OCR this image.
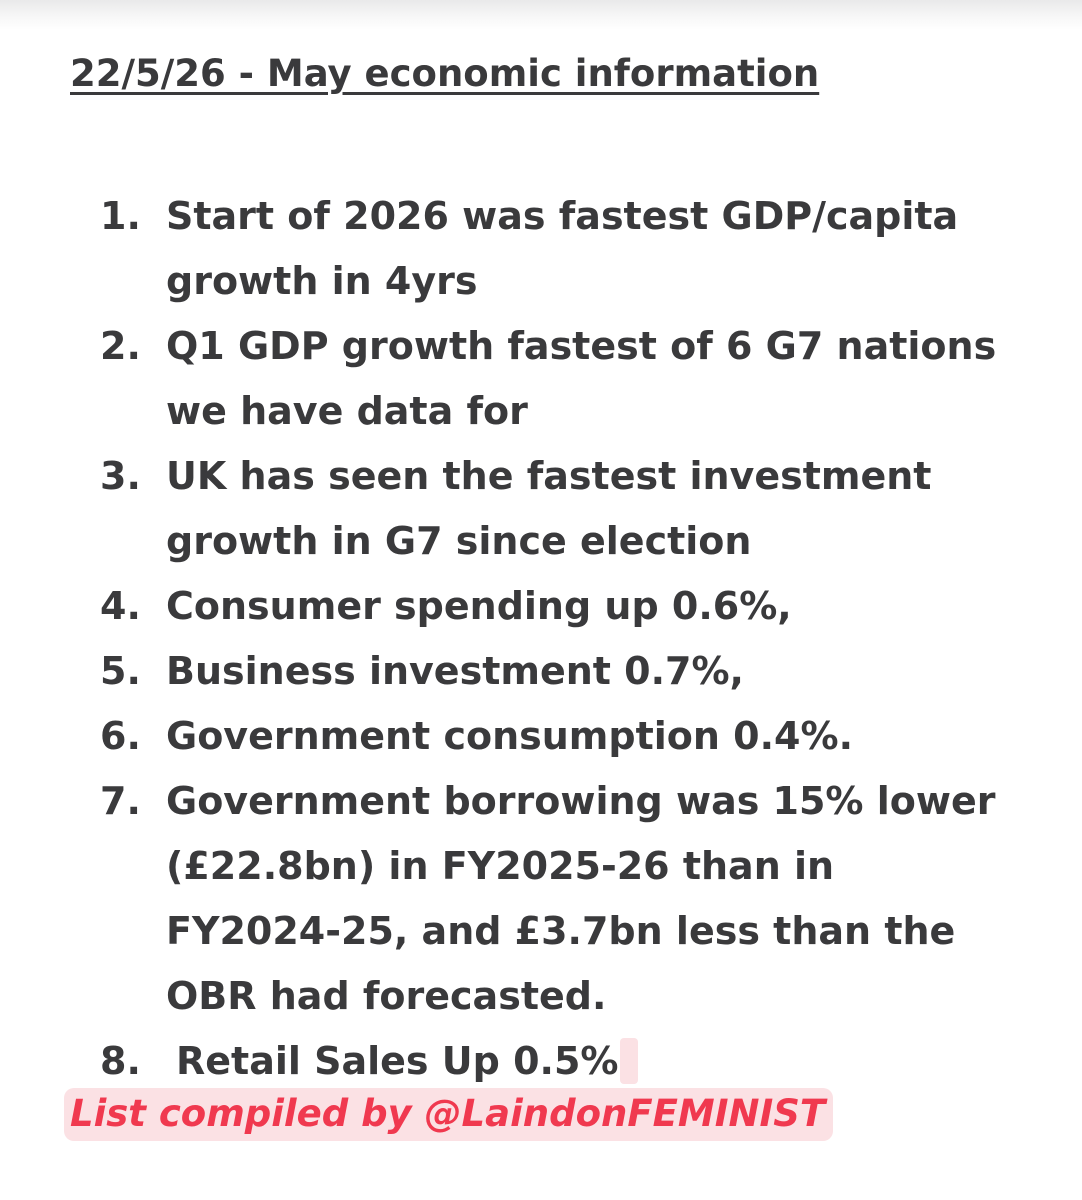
22/5/26 - May economic information
1. Start of 2026 was fastest GDP/capita
growth in 4yrs
2. Q1 GDP growth fastest of 6 G7 nations
we have data for
3. UK has seen the fastest investment
growth in G7 since election
4. Consumer spending up 0.6%,
5. Business investment 0.7%,
6. Government consumption 0.4%.
7. Government borrowing was 15% lower
(£22.8bn) in FY2025-26 than in
FY2024-25, and £3.7bn less than the
OBR had forecasted.
8. Retail Sales Up 0.5%
List compiled by @LaindonFEMINIST
